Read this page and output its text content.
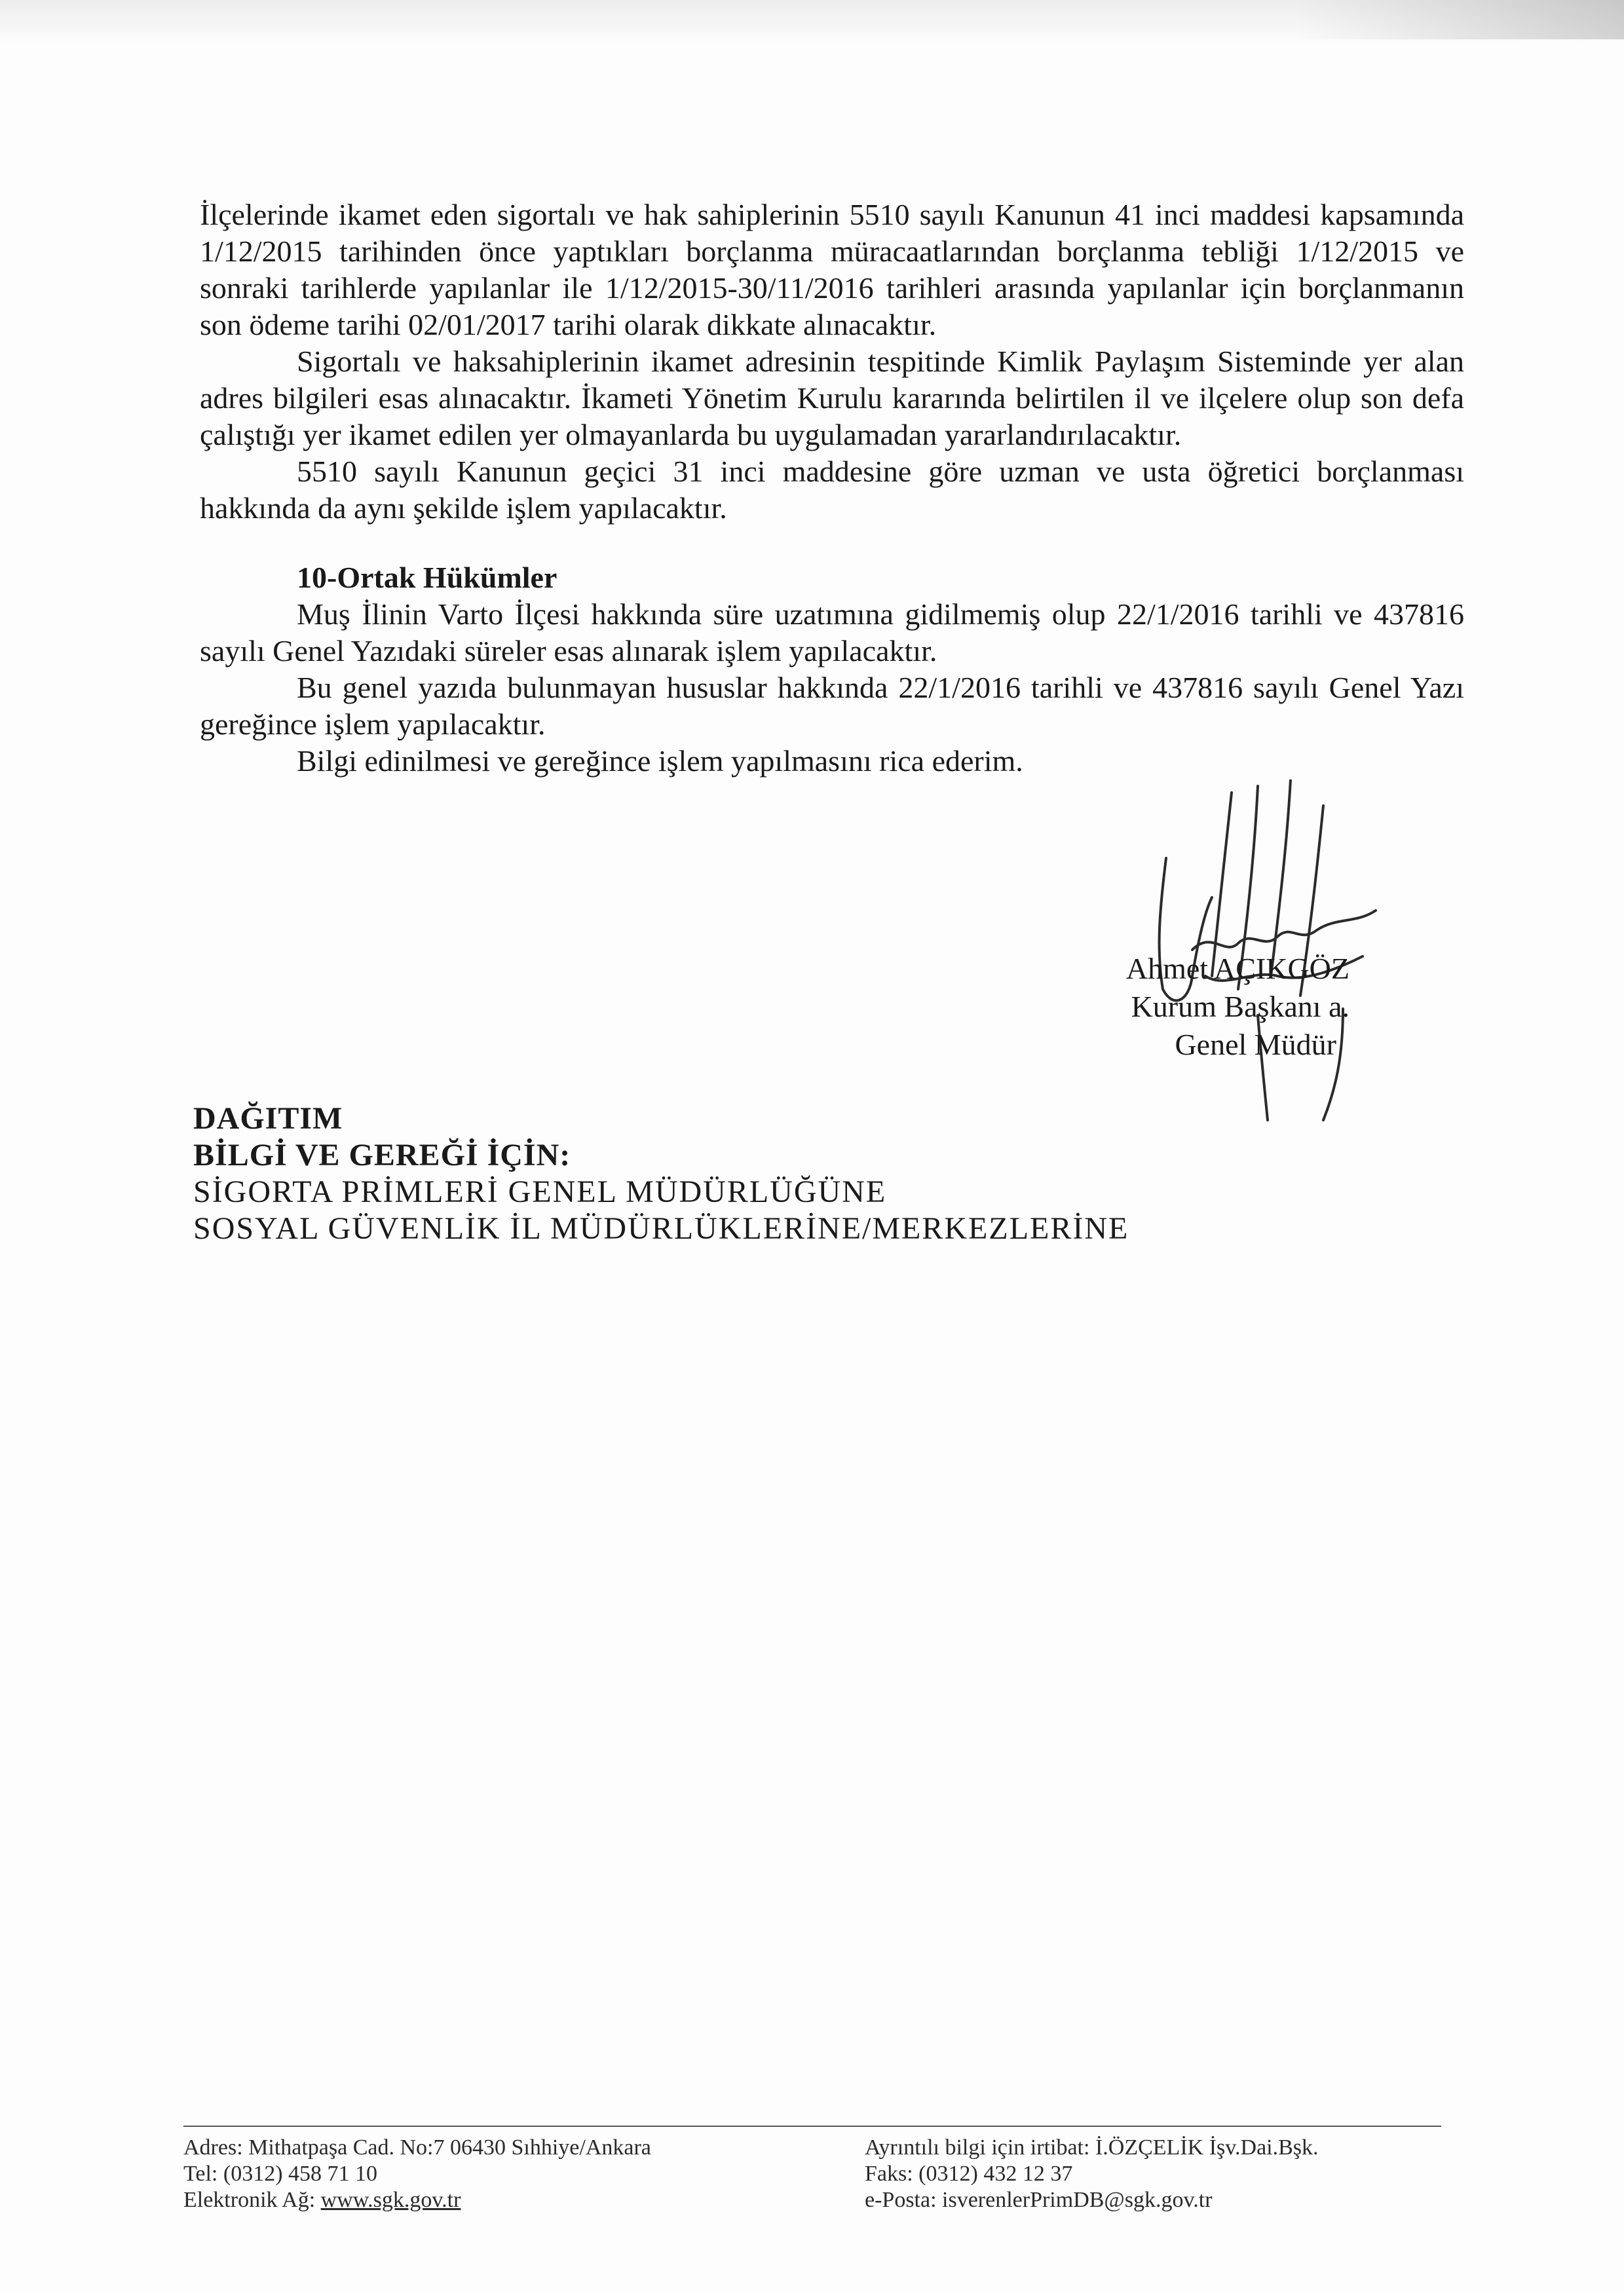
İlçelerinde ikamet eden sigortalı ve hak sahiplerinin 5510 sayılı Kanunun 41 inci maddesi kapsamında 1/12/2015 tarihinden önce yaptıkları borçlanma müracaatlarından borçlanma tebliği 1/12/2015 ve sonraki tarihlerde yapılanlar ile 1/12/2015-30/11/2016 tarihleri arasında yapılanlar için borçlanmanın son ödeme tarihi 02/01/2017 tarihi olarak dikkate alınacaktır.

Sigortalı ve haksahiplerinin ikamet adresinin tespitinde Kimlik Paylaşım Sisteminde yer alan adres bilgileri esas alınacaktır. İkameti Yönetim Kurulu kararında belirtilen il ve ilçelere olup son defa çalıştığı yer ikamet edilen yer olmayanlarda bu uygulamadan yararlandırılacaktır.

5510 sayılı Kanunun geçici 31 inci maddesine göre uzman ve usta öğretici borçlanması hakkında da aynı şekilde işlem yapılacaktır.

10-Ortak Hükümler

Muş İlinin Varto İlçesi hakkında süre uzatımına gidilmemiş olup 22/1/2016 tarihli ve 437816 sayılı Genel Yazıdaki süreler esas alınarak işlem yapılacaktır.

Bu genel yazıda bulunmayan hususlar hakkında 22/1/2016 tarihli ve 437816 sayılı Genel Yazı gereğince işlem yapılacaktır.

Bilgi edinilmesi ve gereğince işlem yapılmasını rica ederim.

Ahmet AÇIKGÖZ
Kurum Başkanı a.
Genel Müdür
DAĞITIM
BİLGİ VE GEREĞİ İÇİN:
SİGORTA PRİMLERİ GENEL MÜDÜRLÜĞÜNE
SOSYAL GÜVENLİK İL MÜDÜRLÜKLERİNE/MERKEZLERİNE
Adres: Mithatpaşa Cad. No:7 06430 Sıhhiye/Ankara
Tel: (0312) 458 71 10
Elektronik Ağ: www.sgk.gov.tr
Ayrıntılı bilgi için irtibat: İ.ÖZÇELİK İşv.Dai.Bşk.
Faks: (0312) 432 12 37
e-Posta: isverenlerPrimDB@sgk.gov.tr
